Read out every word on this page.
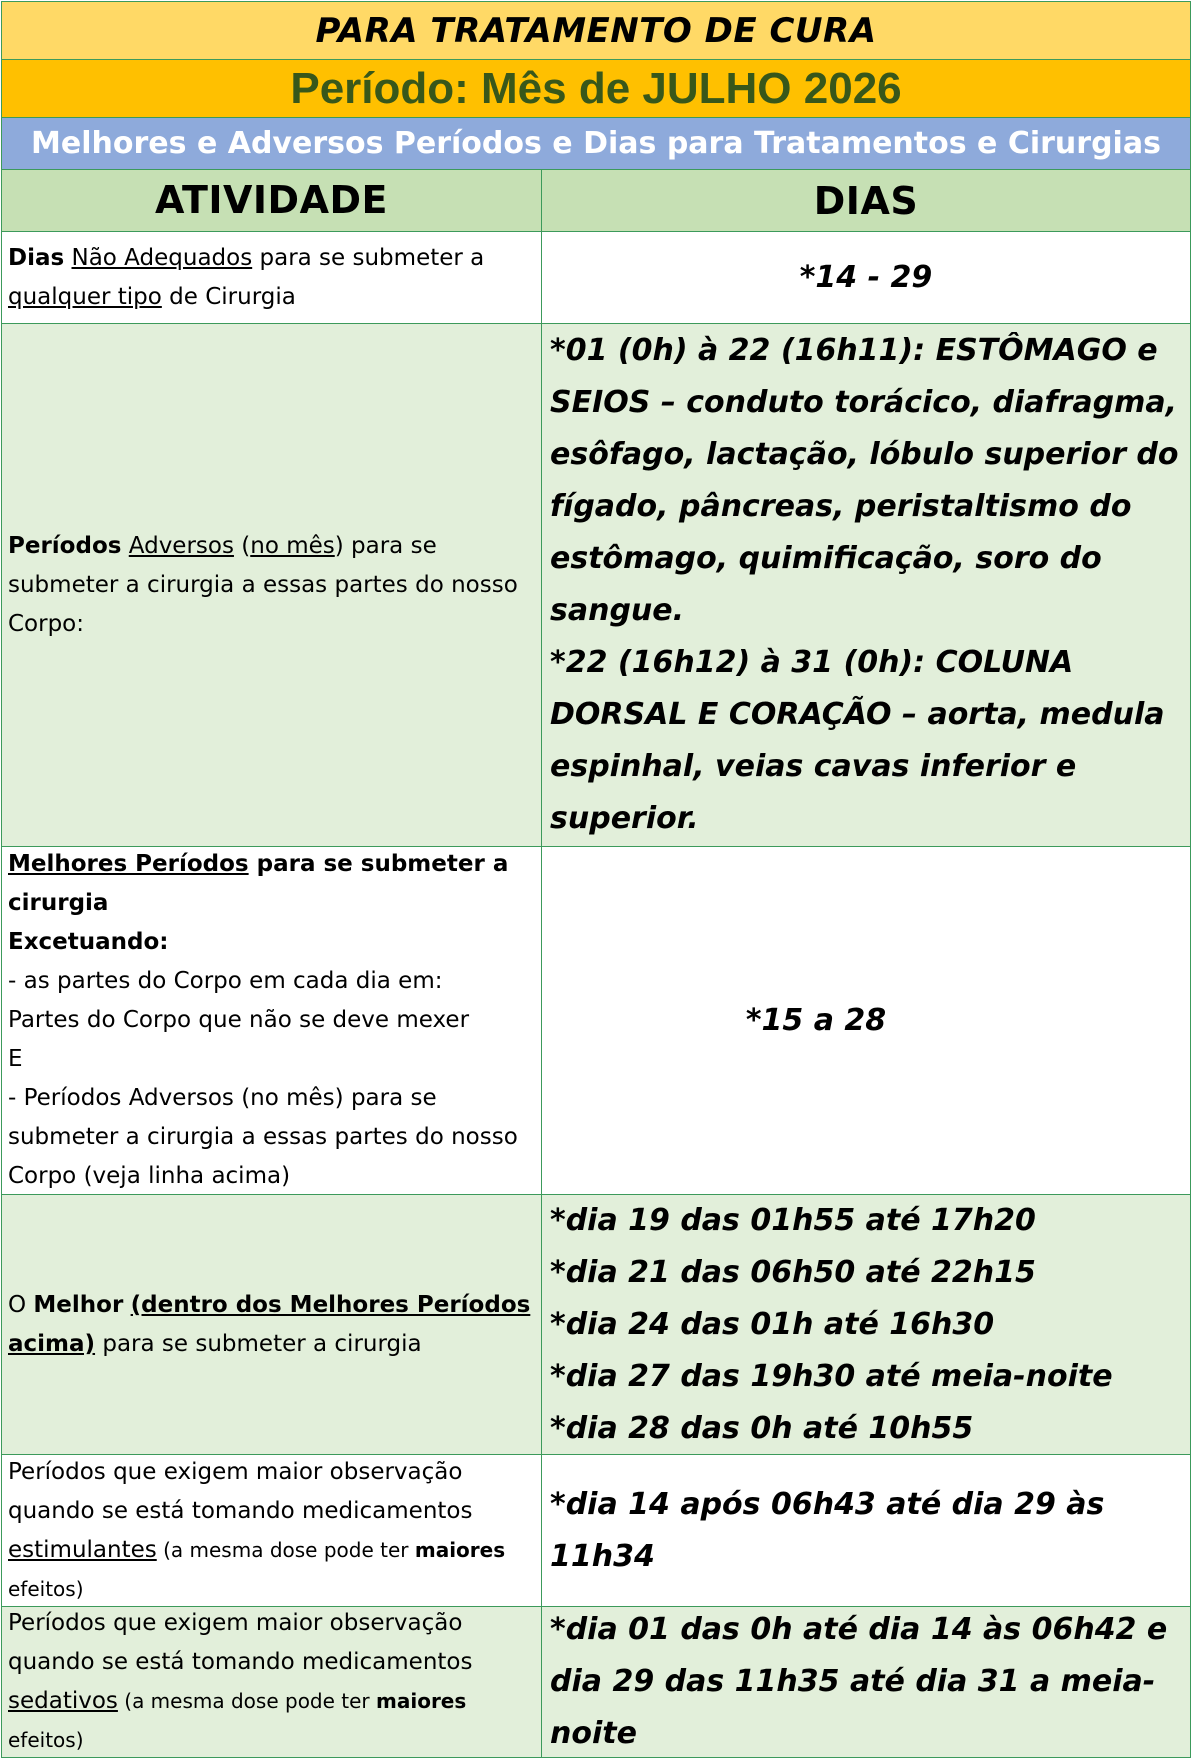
PARA TRATAMENTO DE CURA
Período: Mês de JULHO 2026
Melhores e Adversos Períodos e Dias para Tratamentos e Cirurgias
ATIVIDADE	DIAS
Dias Não Adequados para se submeter a qualquer tipo de Cirurgia
*14 - 29
Períodos Adversos (no mês) para se submeter a cirurgia a essas partes do nosso Corpo:
*01 (0h) à 22 (16h11): ESTÔMAGO e SEIOS – conduto torácico, diafragma, esôfago, lactação, lóbulo superior do fígado, pâncreas, peristaltismo do estômago, quimificação, soro do sangue.
*22 (16h12) à 31 (0h): COLUNA DORSAL E CORAÇÃO – aorta, medula espinhal, veias cavas inferior e superior.
Melhores Períodos para se submeter a cirurgia
Excetuando:
- as partes do Corpo em cada dia em:
Partes do Corpo que não se deve mexer
E
- Períodos Adversos (no mês) para se submeter a cirurgia a essas partes do nosso Corpo (veja linha acima)
*15 a 28
O Melhor (dentro dos Melhores Períodos acima) para se submeter a cirurgia
*dia 19 das 01h55 até 17h20
*dia 21 das 06h50 até 22h15
*dia 24 das 01h até 16h30
*dia 27 das 19h30 até meia-noite
*dia 28 das 0h até 10h55
Períodos que exigem maior observação quando se está tomando medicamentos estimulantes (a mesma dose pode ter maiores efeitos)
*dia 14 após 06h43 até dia 29 às 11h34
Períodos que exigem maior observação quando se está tomando medicamentos sedativos (a mesma dose pode ter maiores efeitos)
*dia 01 das 0h até dia 14 às 06h42 e dia 29 das 11h35 até dia 31 a meia-noite
